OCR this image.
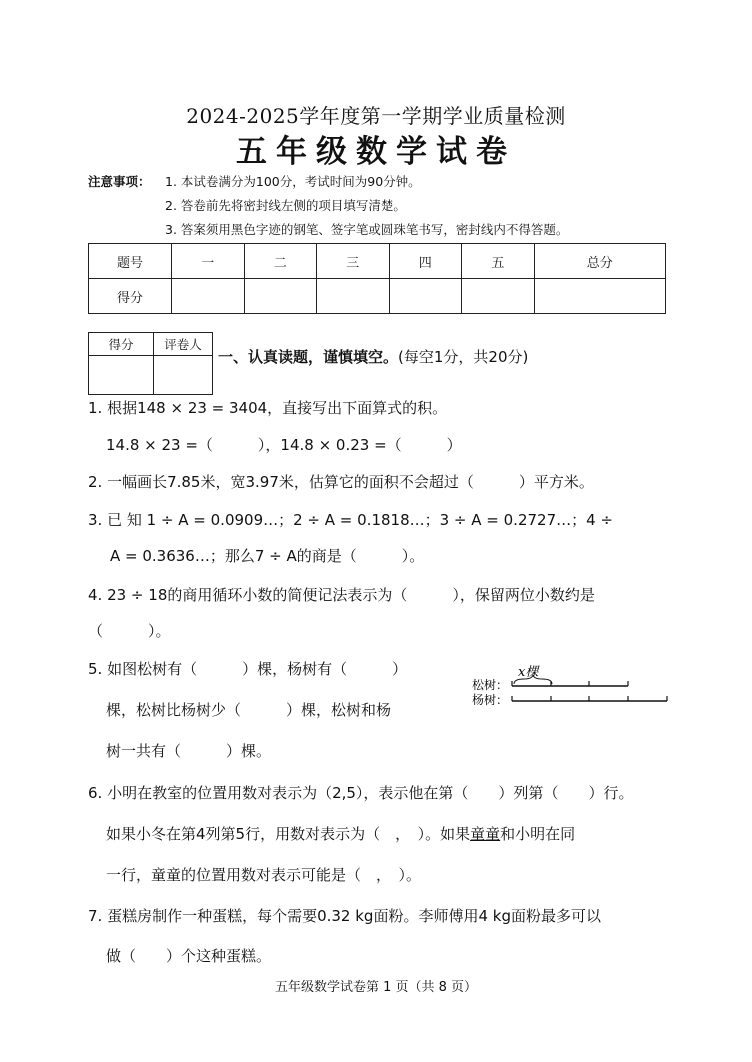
2024-2025学年度第一学期学业质量检测
五年级数学试卷
注意事项： 1. 本试卷满分为100分，考试时间为90分钟。
2. 答卷前先将密封线左侧的项目填写清楚。
3. 答案须用黑色字迹的钢笔、签字笔或圆珠笔书写，密封线内不得答题。
题号	一	二	三	四	五	总分
得分						
得分	评卷人

一、认真读题，谨慎填空。(每空1分，共20分)
1. 根据148 × 23 = 3404，直接写出下面算式的积。
14.8 × 23 =（　　　），14.8 × 0.23 =（　　　）
2. 一幅画长7.85米，宽3.97米，估算它的面积不会超过（　　　）平方米。
3. 已 知 1 ÷ A = 0.0909…；2 ÷ A = 0.1818…；3 ÷ A = 0.2727…；4 ÷
A = 0.3636…；那么7 ÷ A的商是（　　　）。
4. 23 ÷ 18的商用循环小数的简便记法表示为（　　　），保留两位小数约是
（　　　）。
5. 如图松树有（　　　）棵，杨树有（　　　）
棵，松树比杨树少（　　　）棵，松树和杨
树一共有（　　　）棵。
x棵
松树：
杨树：
6. 小明在教室的位置用数对表示为（2,5），表示他在第（　　）列第（　　）行。
如果小冬在第4列第5行，用数对表示为（　，　）。如果童童和小明在同
一行，童童的位置用数对表示可能是（　，　）。
7. 蛋糕房制作一种蛋糕，每个需要0.32 kg面粉。李师傅用4 kg面粉最多可以
做（　　）个这种蛋糕。
五年级数学试卷第 1 页（共 8 页）
